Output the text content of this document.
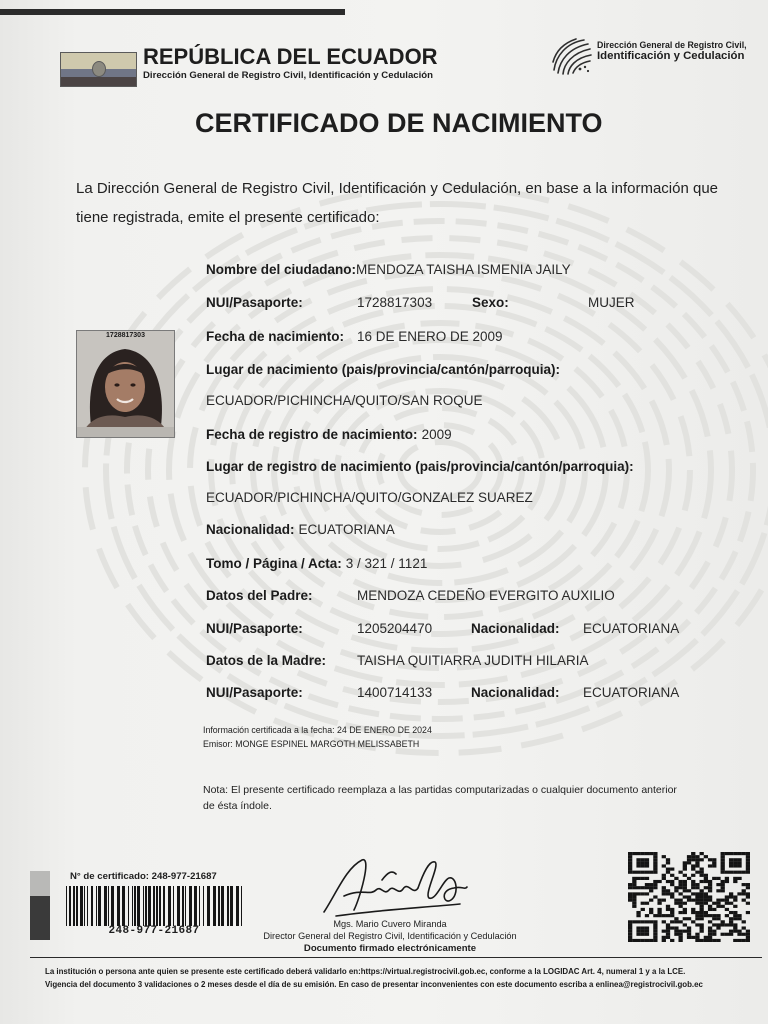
REPÚBLICA DEL ECUADOR
Dirección General de Registro Civil, Identificación y Cedulación
Dirección General de Registro Civil,
Identificación y Cedulación
CERTIFICADO DE NACIMIENTO
La Dirección General de Registro Civil, Identificación y Cedulación, en base a la información que
tiene registrada, emite el presente certificado:
1728817303
Nombre del ciudadano:MENDOZA TAISHA ISMENIA JAILY
NUI/Pasaporte:	1728817303	Sexo:	MUJER
Fecha de nacimiento: 16 DE ENERO DE 2009
Lugar de nacimiento (pais/provincia/cantón/parroquia):
ECUADOR/PICHINCHA/QUITO/SAN ROQUE
Fecha de registro de nacimiento: 2009
Lugar de registro de nacimiento (pais/provincia/cantón/parroquia):
ECUADOR/PICHINCHA/QUITO/GONZALEZ SUAREZ
Nacionalidad: ECUATORIANA
Tomo / Página / Acta: 3 / 321 / 1121
Datos del Padre:	MENDOZA CEDEÑO EVERGITO AUXILIO
NUI/Pasaporte:	1205204470	Nacionalidad: ECUATORIANA
Datos de la Madre: TAISHA QUITIARRA JUDITH HILARIA
NUI/Pasaporte:	1400714133	Nacionalidad: ECUATORIANA
Información certificada a la fecha: 24 DE ENERO DE 2024
Emisor: MONGE ESPINEL MARGOTH MELISSABETH
Nota: El presente certificado reemplaza a las partidas computarizadas o cualquier documento anterior
de ésta índole.
N° de certificado: 248-977-21687
248-977-21687
Mgs. Mario Cuvero Miranda
Director General del Registro Civil, Identificación y Cedulación
Documento firmado electrónicamente
La institución o persona ante quien se presente este certificado deberá validarlo en:https://virtual.registrocivil.gob.ec, conforme a la LOGIDAC Art. 4, numeral 1 y a la LCE.
Vigencia del documento 3 validaciones o 2 meses desde el día de su emisión. En caso de presentar inconvenientes con este documento escriba a enlinea@registrocivil.gob.ec
